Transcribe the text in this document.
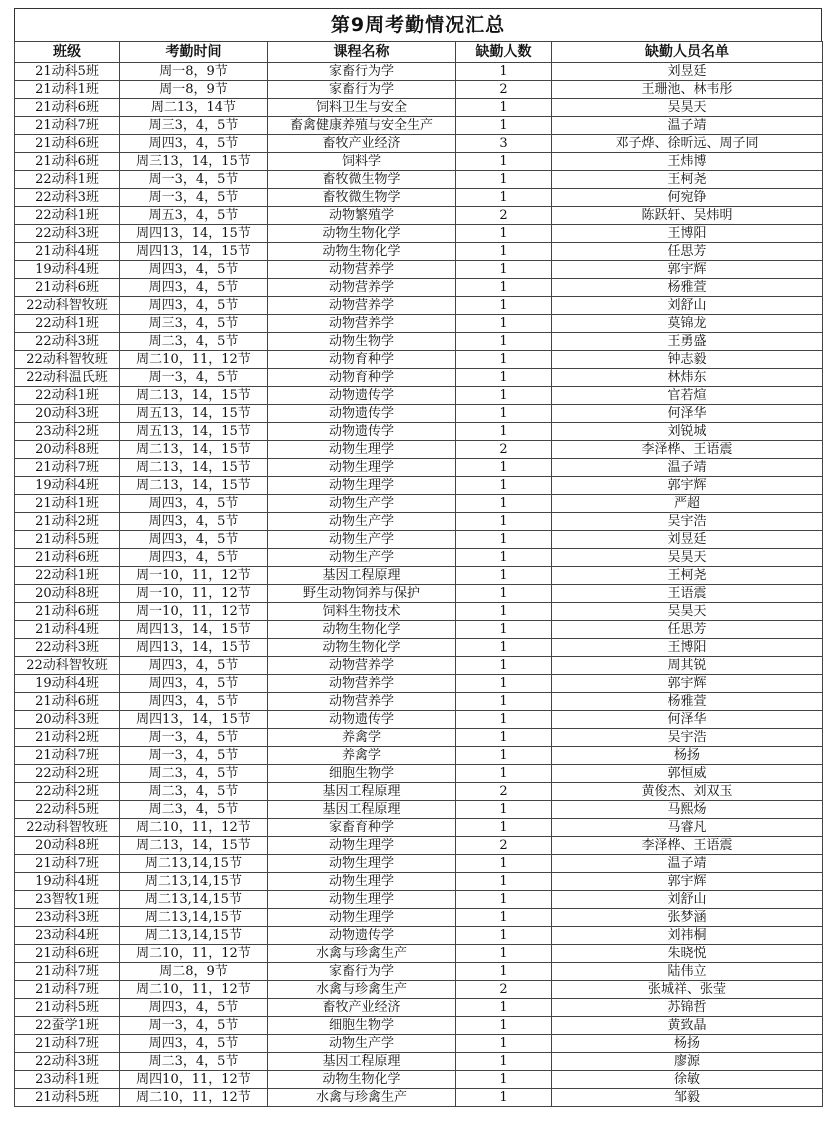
第9周考勤情况汇总
班级	考勤时间	课程名称	缺勤人数	缺勤人员名单
21动科5班	周一8，9节	家畜行为学	1	刘昱廷
21动科1班	周一8，9节	家畜行为学	2	王珊池、林韦彤
21动科6班	周二13，14节	饲料卫生与安全	1	吴昊天
21动科7班	周三3，4，5节	畜禽健康养殖与安全生产	1	温子靖
21动科6班	周四3，4，5节	畜牧产业经济	3	邓子烨、徐昕远、周子同
21动科6班	周三13，14，15节	饲料学	1	王炜博
22动科1班	周一3，4，5节	畜牧微生物学	1	王柯尧
22动科3班	周一3，4，5节	畜牧微生物学	1	何宛铮
22动科1班	周五3，4，5节	动物繁殖学	2	陈跃轩、吴炜明
22动科3班	周四13，14，15节	动物生物化学	1	王博阳
21动科4班	周四13，14，15节	动物生物化学	1	任思芳
19动科4班	周四3，4，5节	动物营养学	1	郭宇辉
21动科6班	周四3，4，5节	动物营养学	1	杨雅萱
22动科智牧班	周四3，4，5节	动物营养学	1	刘舒山
22动科1班	周三3，4，5节	动物营养学	1	莫锦龙
22动科3班	周二3，4，5节	动物生物学	1	王勇盛
22动科智牧班	周二10，11，12节	动物育种学	1	钟志毅
22动科温氏班	周一3，4，5节	动物育种学	1	林炜东
22动科1班	周二13，14，15节	动物遗传学	1	官若煊
20动科3班	周五13，14，15节	动物遗传学	1	何泽华
23动科2班	周五13，14，15节	动物遗传学	1	刘锐城
20动科8班	周二13，14，15节	动物生理学	2	李泽桦、王语震
21动科7班	周二13，14，15节	动物生理学	1	温子靖
19动科4班	周二13，14，15节	动物生理学	1	郭宇辉
21动科1班	周四3，4，5节	动物生产学	1	严超
21动科2班	周四3，4，5节	动物生产学	1	吴宇浩
21动科5班	周四3，4，5节	动物生产学	1	刘昱廷
21动科6班	周四3，4，5节	动物生产学	1	吴昊天
22动科1班	周一10，11，12节	基因工程原理	1	王柯尧
20动科8班	周一10，11，12节	野生动物饲养与保护	1	王语震
21动科6班	周一10，11，12节	饲料生物技术	1	吴昊天
21动科4班	周四13，14，15节	动物生物化学	1	任思芳
22动科3班	周四13，14，15节	动物生物化学	1	王博阳
22动科智牧班	周四3，4，5节	动物营养学	1	周其锐
19动科4班	周四3，4，5节	动物营养学	1	郭宇辉
21动科6班	周四3，4，5节	动物营养学	1	杨雅萱
20动科3班	周四13，14，15节	动物遗传学	1	何泽华
21动科2班	周一3，4，5节	养禽学	1	吴宇浩
21动科7班	周一3，4，5节	养禽学	1	杨扬
22动科2班	周二3，4，5节	细胞生物学	1	郭恒威
22动科2班	周二3，4，5节	基因工程原理	2	黄俊杰、刘双玉
22动科5班	周二3，4，5节	基因工程原理	1	马熙炀
22动科智牧班	周二10，11，12节	家畜育种学	1	马睿凡
20动科8班	周二13，14，15节	动物生理学	2	李泽桦、王语震
21动科7班	周二13,14,15节	动物生理学	1	温子靖
19动科4班	周二13,14,15节	动物生理学	1	郭宇辉
23智牧1班	周二13,14,15节	动物生理学	1	刘舒山
23动科3班	周二13,14,15节	动物生理学	1	张梦涵
23动科4班	周二13,14,15节	动物遗传学	1	刘祎桐
21动科6班	周二10，11，12节	水禽与珍禽生产	1	朱晓悦
21动科7班	周二8，9节	家畜行为学	1	陆伟立
21动科7班	周二10，11，12节	水禽与珍禽生产	2	张城祥、张莹
21动科5班	周四3，4，5节	畜牧产业经济	1	苏锦哲
22蚕学1班	周一3，4，5节	细胞生物学	1	黄致晶
21动科7班	周四3，4，5节	动物生产学	1	杨扬
22动科3班	周二3，4，5节	基因工程原理	1	廖源
23动科1班	周四10，11，12节	动物生物化学	1	徐敏
21动科5班	周二10，11，12节	水禽与珍禽生产	1	邹毅
